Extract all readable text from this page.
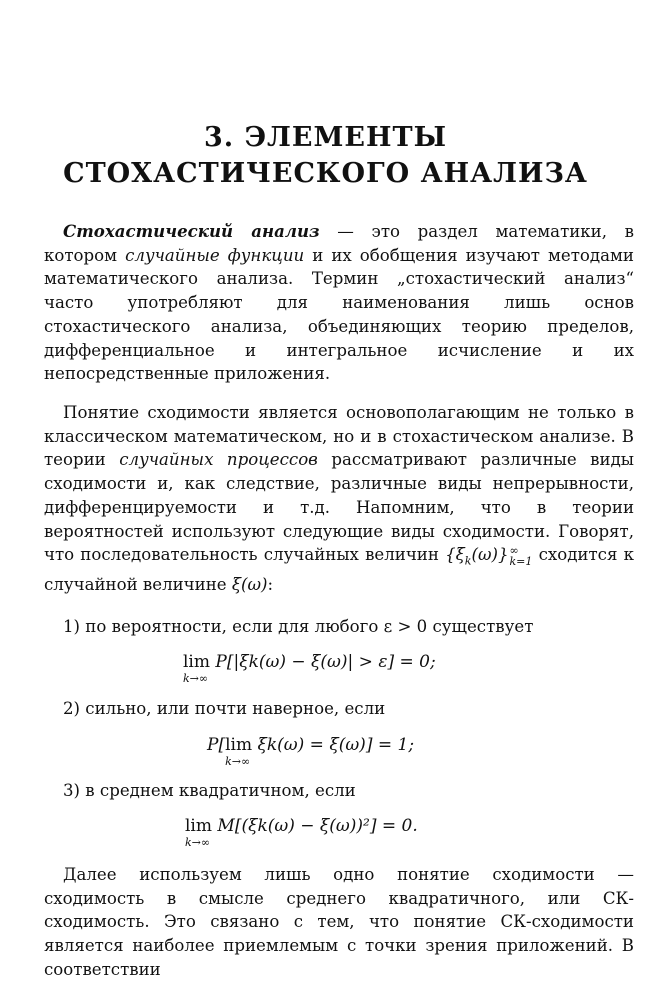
3. ЭЛЕМЕНТЫ
СТОХАСТИЧЕСКОГО АНАЛИЗА
Стохастический анализ — это раздел математики, в котором случайные функции и их обобщения изучают методами математического анализа. Термин „стохастический анализ“ часто употребляют для наименования лишь основ стохастического анализа, объединяющих теорию пределов, дифференциальное и интегральное исчисление и их непосредственные приложения.
Понятие сходимости является основополагающим не только в классическом математическом, но и в стохастическом анализе. В теории случайных процессов рассматривают различные виды сходимости и, как следствие, различные виды непрерывности, дифференцируемости и т.д. Напомним, что в теории вероятностей используют следующие виды сходимости. Говорят, что последовательность случайных величин $\{\xi_k(\omega)\}$ ∞
k=1 сходится к случайной величине ξ(ω):
1) по вероятности, если для любого ε > 0 существует
lim
k→∞
P[|ξk(ω) − ξ(ω)| > ε] = 0;
2) сильно, или почти наверное, если
P[lim
k→∞
ξk(ω) = ξ(ω)] = 1;
3) в среднем квадратичном, если
lim
k→∞
M[(ξk(ω) − ξ(ω))²] = 0.
Далее используем лишь одно понятие сходимости — сходимость в смысле среднего квадратичного, или СК-сходимость. Это связано с тем, что понятие СК-сходимости является наиболее приемлемым с точки зрения приложений. В соответствии
